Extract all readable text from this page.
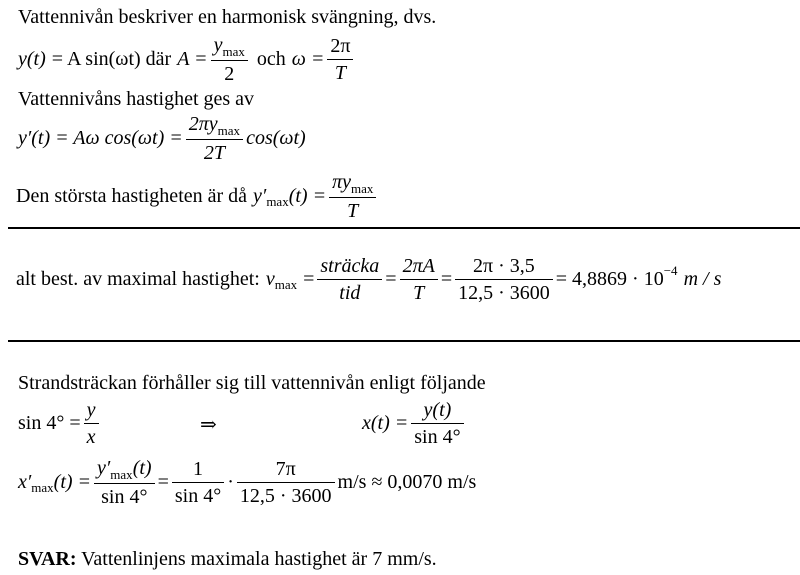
Vattennivån beskriver en harmonisk svängning, dvs.
y(t) = A sin(ωt) där $A = \frac{y_{max}}{2}$ och $\omega = \frac{2\pi}{T}$
Vattennivåns hastighet ges av
y′(t) = Aω $\cos(\omega t) = \frac{2\pi y_{max}}{2T} \cos(\omega t)$
Den största hastigheten är då y′ $\max (t) = \frac{\pi y_{max}}{T}$
alt best. av maximal hastighet: v $\max = \frac{\text{sträcka}}{\text{tid}} = \frac{2\pi A}{T} = \frac{2\pi \cdot 3,5}{12,5 \cdot 3600} = 4,8869 \cdot 10 -4$ m / s
Strandsträckan förhåller sig till vattennivån enligt följande
$\sin 4^\circ = \frac{y}{x}$	⇒	$x(t) = \frac{y(t)}{\sin 4^\circ}$
x′ $\max (t) = \frac{y'_{max}(t)}{\sin 4^\circ} = \frac{1}{\sin 4^\circ} \cdot \frac{7\pi}{12,5 \cdot 3600} m/s \approx 0,0070$ m/s
SVAR: Vattenlinjens maximala hastighet är 7 mm/s.
